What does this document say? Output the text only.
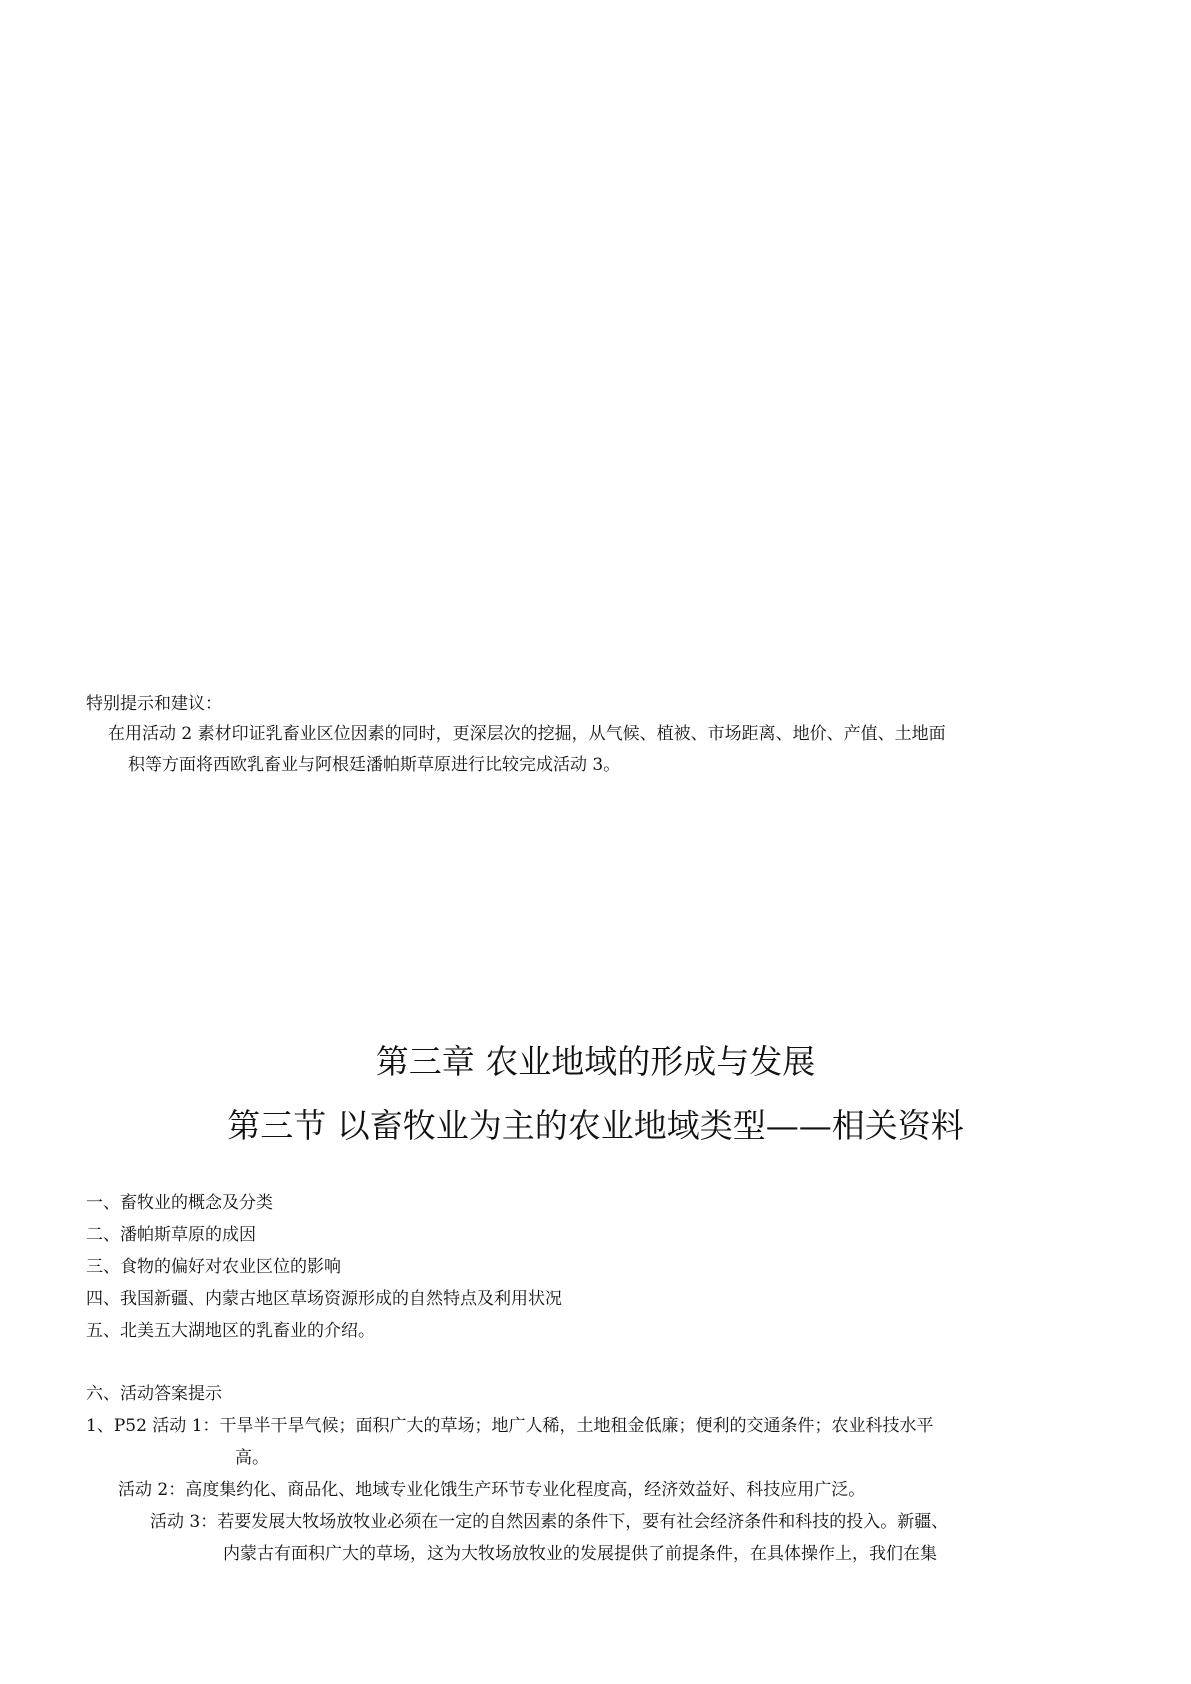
特别提示和建议：

在用活动 2 素材印证乳畜业区位因素的同时，更深层次的挖掘，从气候、植被、市场距离、地价、产值、土地面

积等方面将西欧乳畜业与阿根廷潘帕斯草原进行比较完成活动 3。

第三章 农业地域的形成与发展
第三节 以畜牧业为主的农业地域类型——相关资料

一、畜牧业的概念及分类

二、潘帕斯草原的成因

三、食物的偏好对农业区位的影响

四、我国新疆、内蒙古地区草场资源形成的自然特点及利用状况

五、北美五大湖地区的乳畜业的介绍。

六、活动答案提示

1、P52 活动 1：干旱半干旱气候；面积广大的草场；地广人稀，土地租金低廉；便利的交通条件；农业科技水平

高。

活动 2：高度集约化、商品化、地域专业化饿生产环节专业化程度高，经济效益好、科技应用广泛。

活动 3：若要发展大牧场放牧业必须在一定的自然因素的条件下，要有社会经济条件和科技的投入。新疆、

内蒙古有面积广大的草场，这为大牧场放牧业的发展提供了前提条件，在具体操作上，我们在集
